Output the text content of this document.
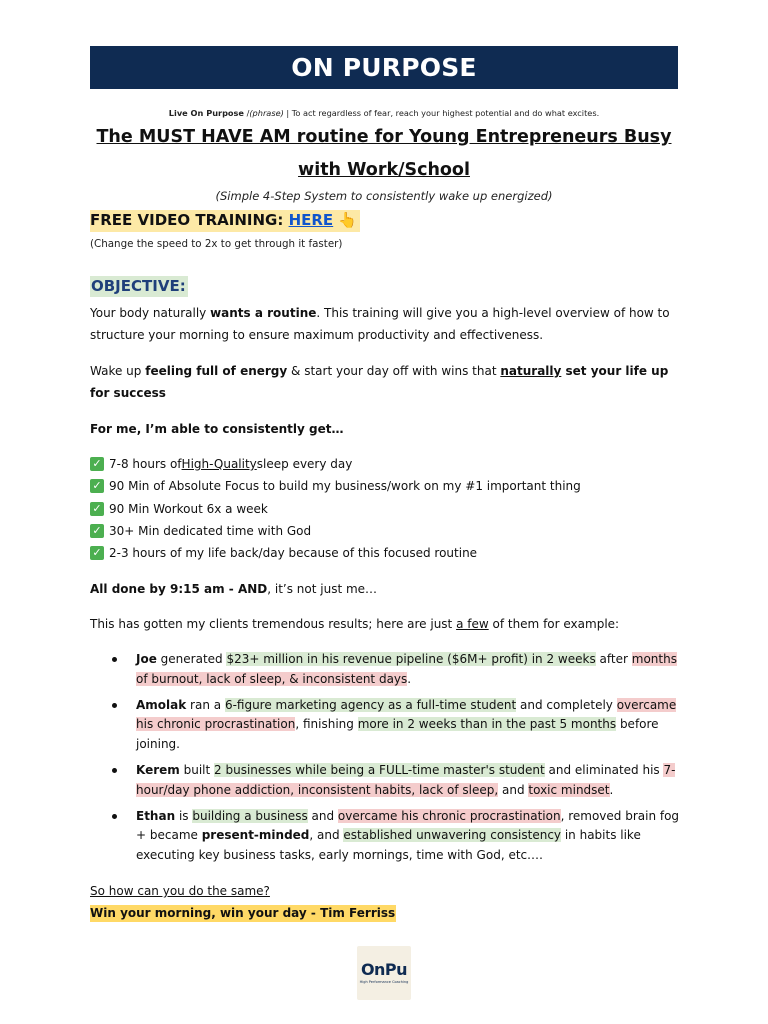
ON PURPOSE
Live On Purpose /(phrase) | To act regardless of fear, reach your highest potential and do what excites.
The MUST HAVE AM routine for Young Entrepreneurs Busy with Work/School
(Simple 4-Step System to consistently wake up energized)
FREE VIDEO TRAINING: HERE 👆
(Change the speed to 2x to get through it faster)
OBJECTIVE:

Your body naturally wants a routine. This training will give you a high-level overview of how to structure your morning to ensure maximum productivity and effectiveness.

Wake up feeling full of energy & start your day off with wins that naturally set your life up for success

For me, I’m able to consistently get…

✓ 7-8 hours of High-Quality sleep every day
✓ 90 Min of Absolute Focus to build my business/work on my #1 important thing
✓ 90 Min Workout 6x a week
✓ 30+ Min dedicated time with God
✓ 2-3 hours of my life back/day because of this focused routine

All done by 9:15 am - AND, it’s not just me…

This has gotten my clients tremendous results; here are just a few of them for example:

Joe generated $23+ million in his revenue pipeline ($6M+ profit) in 2 weeks after months of burnout, lack of sleep, & inconsistent days.
Amolak ran a 6-figure marketing agency as a full-time student and completely overcame his chronic procrastination, finishing more in 2 weeks than in the past 5 months before joining.
Kerem built 2 businesses while being a FULL-time master's student and eliminated his 7-hour/day phone addiction, inconsistent habits, lack of sleep, and toxic mindset.
Ethan is building a business and overcame his chronic procrastination, removed brain fog + became present-minded, and established unwavering consistency in habits like executing key business tasks, early mornings, time with God, etc.…
So how can you do the same?
Win your morning, win your day - Tim Ferriss
OnPu
High Performance Coaching
